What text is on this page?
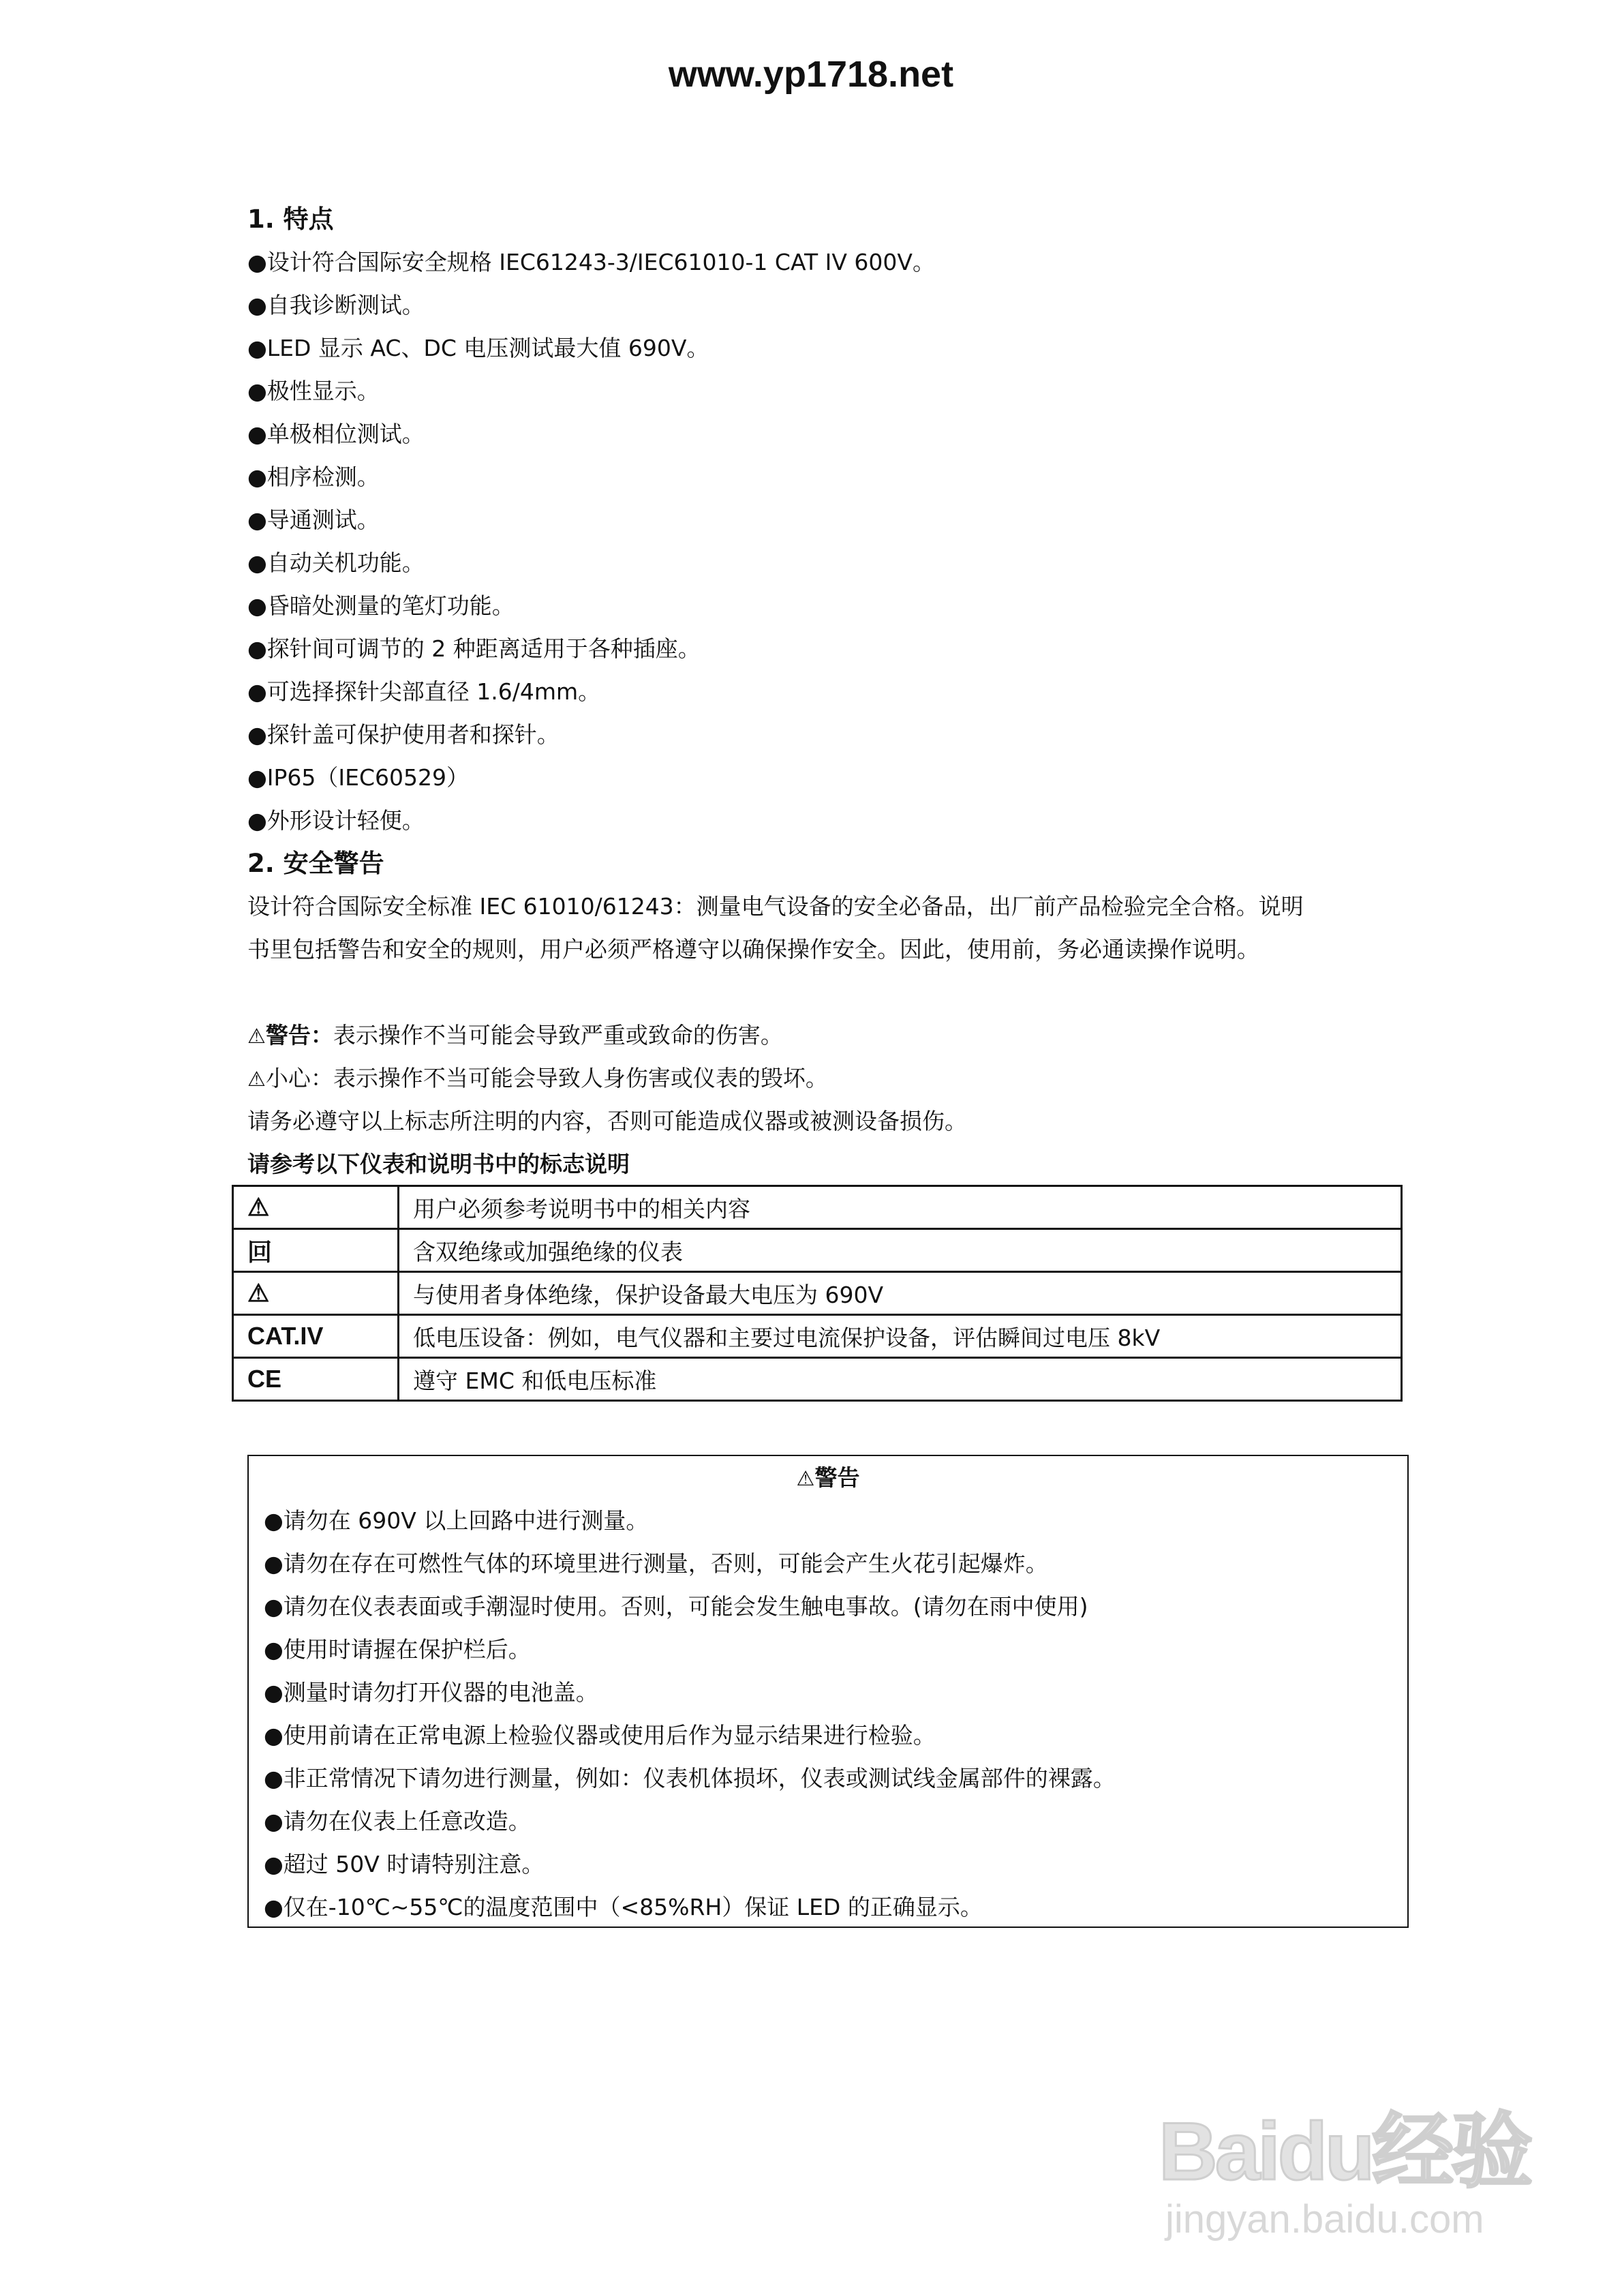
www.yp1718.net
1. 特点
●设计符合国际安全规格 IEC61243-3/IEC61010-1 CAT IV 600V。
●自我诊断测试。
●LED 显示 AC、DC 电压测试最大值 690V。
●极性显示。
●单极相位测试。
●相序检测。
●导通测试。
●自动关机功能。
●昏暗处测量的笔灯功能。
●探针间可调节的 2 种距离适用于各种插座。
●可选择探针尖部直径 1.6/4mm。
●探针盖可保护使用者和探针。
●IP65（IEC60529）
●外形设计轻便。
2. 安全警告
设计符合国际安全标准 IEC 61010/61243：测量电气设备的安全必备品，出厂前产品检验完全合格。说明
书里包括警告和安全的规则，用户必须严格遵守以确保操作安全。因此，使用前，务必通读操作说明。
⚠警告：表示操作不当可能会导致严重或致命的伤害。
⚠小心：表示操作不当可能会导致人身伤害或仪表的毁坏。
请务必遵守以上标志所注明的内容，否则可能造成仪器或被测设备损伤。
请参考以下仪表和说明书中的标志说明
⚠	用户必须参考说明书中的相关内容
回	含双绝缘或加强绝缘的仪表
⚠	与使用者身体绝缘，保护设备最大电压为 690V
CAT.IV	低电压设备：例如，电气仪器和主要过电流保护设备，评估瞬间过电压 8kV
CE	遵守 EMC 和低电压标准
⚠警告
●请勿在 690V 以上回路中进行测量。
●请勿在存在可燃性气体的环境里进行测量，否则，可能会产生火花引起爆炸。
●请勿在仪表表面或手潮湿时使用。否则，可能会发生触电事故。(请勿在雨中使用)
●使用时请握在保护栏后。
●测量时请勿打开仪器的电池盖。
●使用前请在正常电源上检验仪器或使用后作为显示结果进行检验。
●非正常情况下请勿进行测量，例如：仪表机体损坏，仪表或测试线金属部件的裸露。
●请勿在仪表上任意改造。
●超过 50V 时请特别注意。
●仅在-10℃~55℃的温度范围中（<85%RH）保证 LED 的正确显示。
Baidu经验
jingyan.baidu.com
